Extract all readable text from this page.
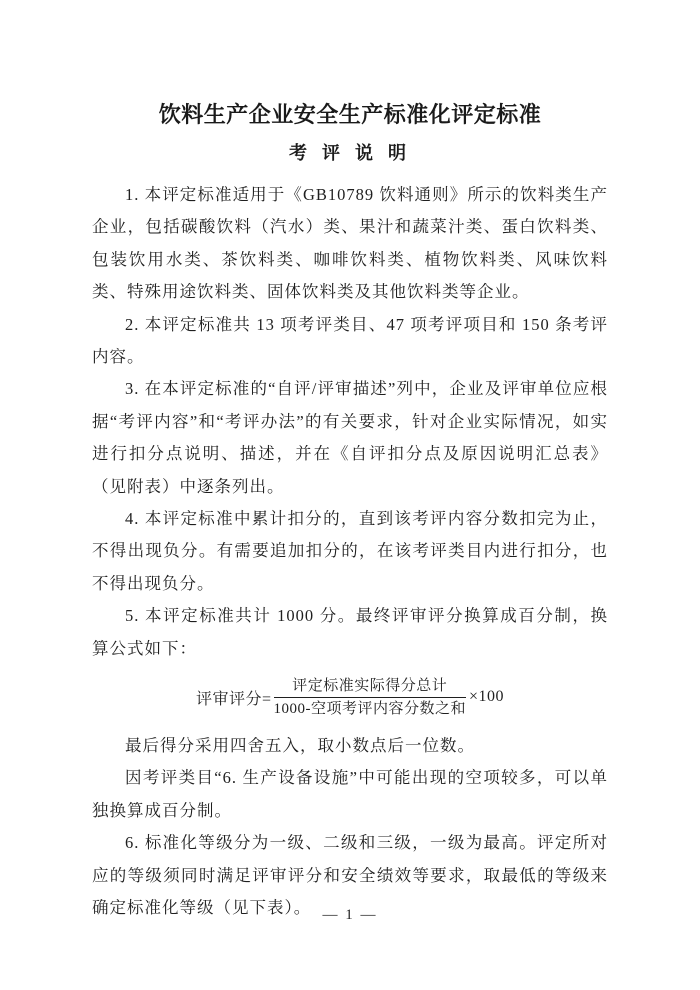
饮料生产企业安全生产标准化评定标准
考 评 说 明

1. 本评定标准适用于《GB10789 饮料通则》所示的饮料类生产企业，包括碳酸饮料（汽水）类、果汁和蔬菜汁类、蛋白饮料类、包装饮用水类、茶饮料类、咖啡饮料类、植物饮料类、风味饮料类、特殊用途饮料类、固体饮料类及其他饮料类等企业。

2. 本评定标准共 13 项考评类目、47 项考评项目和 150 条考评内容。

3. 在本评定标准的“自评/评审描述”列中，企业及评审单位应根据“考评内容”和“考评办法”的有关要求，针对企业实际情况，如实进行扣分点说明、描述，并在《自评扣分点及原因说明汇总表》（见附表）中逐条列出。

4. 本评定标准中累计扣分的，直到该考评内容分数扣完为止，不得出现负分。有需要追加扣分的，在该考评类目内进行扣分，也不得出现负分。

5. 本评定标准共计 1000 分。最终评审评分换算成百分制，换算公式如下：

评审评分= $\frac{\text{评定标准实际得分总计}}{\text{1000-空项考评内容分数之和}} \times 100$

最后得分采用四舍五入，取小数点后一位数。

因考评类目“6. 生产设备设施”中可能出现的空项较多，可以单独换算成百分制。

6. 标准化等级分为一级、二级和三级，一级为最高。评定所对应的等级须同时满足评审评分和安全绩效等要求，取最低的等级来确定标准化等级（见下表）。 — 1 —
